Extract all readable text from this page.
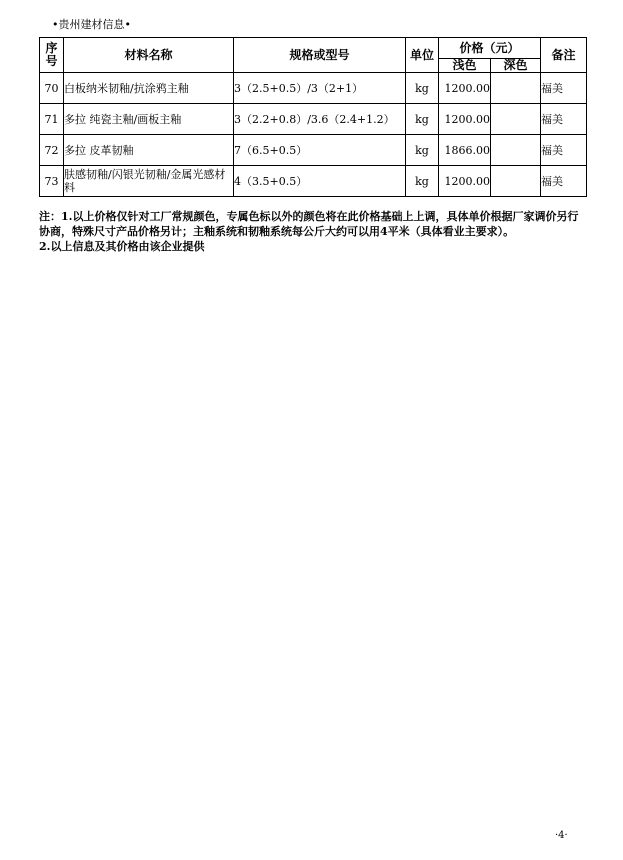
•贵州建材信息•
序号	材料名称	规格或型号	单位	价格（元）		备注
				浅色	深色	
70	白板纳米韧釉/抗涂鸦主釉	3（2.5+0.5）/3（2+1）	kg	1200.00		福美
71	多拉 纯瓷主釉/画板主釉	3（2.2+0.8）/3.6（2.4+1.2）	kg	1200.00		福美
72	多拉 皮革韧釉	7（6.5+0.5）	kg	1866.00		福美
73	肤感韧釉/闪银光韧釉/金属光感材料	4（3.5+0.5）	kg	1200.00		福美

注：1.以上价格仅针对工厂常规颜色，专属色标以外的颜色将在此价格基础上上调，具体单价根据厂家调价另行协商，特殊尺寸产品价格另计；主釉系统和韧釉系统每公斤大约可以用4平米（具体看业主要求）。

2.以上信息及其价格由该企业提供

·4·
